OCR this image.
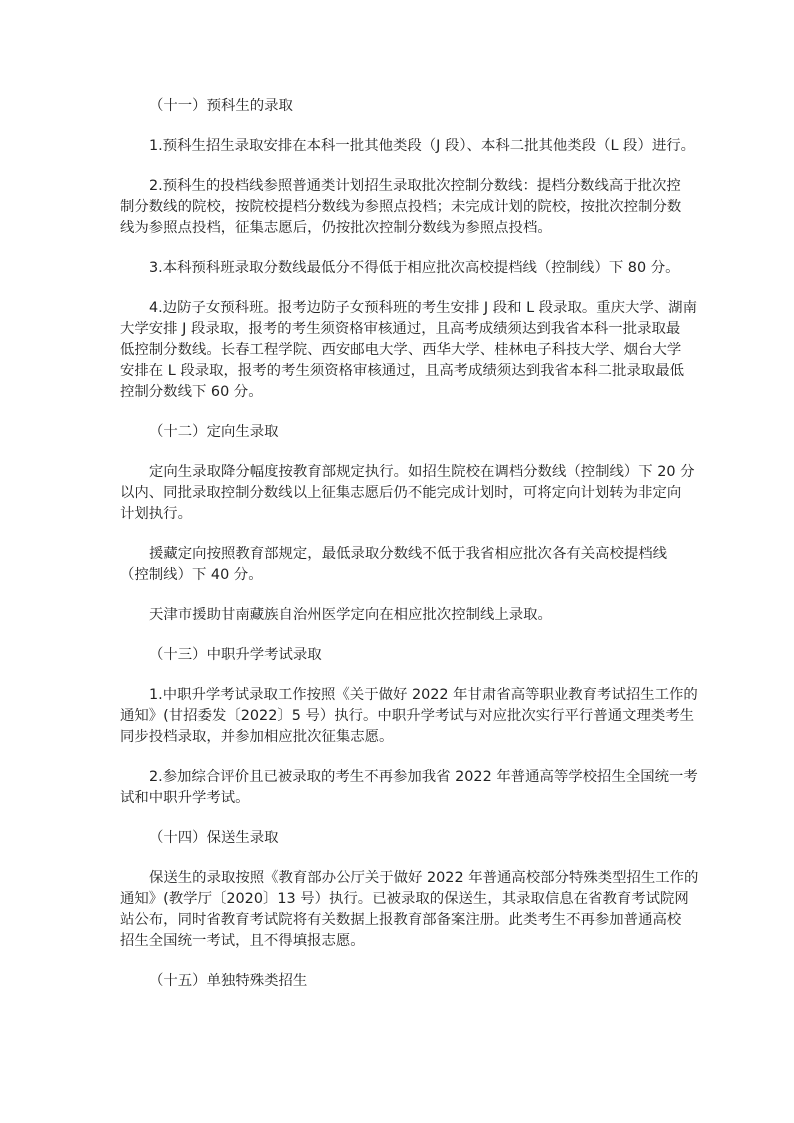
（十一）预科生的录取
1.预科生招生录取安排在本科一批其他类段（J 段）、本科二批其他类段（L 段）进行。
2.预科生的投档线参照普通类计划招生录取批次控制分数线：提档分数线高于批次控
制分数线的院校，按院校提档分数线为参照点投档；未完成计划的院校，按批次控制分数
线为参照点投档，征集志愿后，仍按批次控制分数线为参照点投档。
3.本科预科班录取分数线最低分不得低于相应批次高校提档线（控制线）下 80 分。
4.边防子女预科班。报考边防子女预科班的考生安排 J 段和 L 段录取。重庆大学、湖南
大学安排 J 段录取，报考的考生须资格审核通过，且高考成绩须达到我省本科一批录取最
低控制分数线。长春工程学院、西安邮电大学、西华大学、桂林电子科技大学、烟台大学
安排在 L 段录取，报考的考生须资格审核通过，且高考成绩须达到我省本科二批录取最低
控制分数线下 60 分。
（十二）定向生录取
定向生录取降分幅度按教育部规定执行。如招生院校在调档分数线（控制线）下 20 分
以内、同批录取控制分数线以上征集志愿后仍不能完成计划时，可将定向计划转为非定向
计划执行。
援藏定向按照教育部规定，最低录取分数线不低于我省相应批次各有关高校提档线
（控制线）下 40 分。
天津市援助甘南藏族自治州医学定向在相应批次控制线上录取。
（十三）中职升学考试录取
1.中职升学考试录取工作按照《关于做好 2022 年甘肃省高等职业教育考试招生工作的
通知》(甘招委发〔2022〕5 号）执行。中职升学考试与对应批次实行平行普通文理类考生
同步投档录取，并参加相应批次征集志愿。
2.参加综合评价且已被录取的考生不再参加我省 2022 年普通高等学校招生全国统一考
试和中职升学考试。
（十四）保送生录取
保送生的录取按照《教育部办公厅关于做好 2022 年普通高校部分特殊类型招生工作的
通知》(教学厅〔2020〕13 号）执行。已被录取的保送生，其录取信息在省教育考试院网
站公布，同时省教育考试院将有关数据上报教育部备案注册。此类考生不再参加普通高校
招生全国统一考试，且不得填报志愿。
（十五）单独特殊类招生
